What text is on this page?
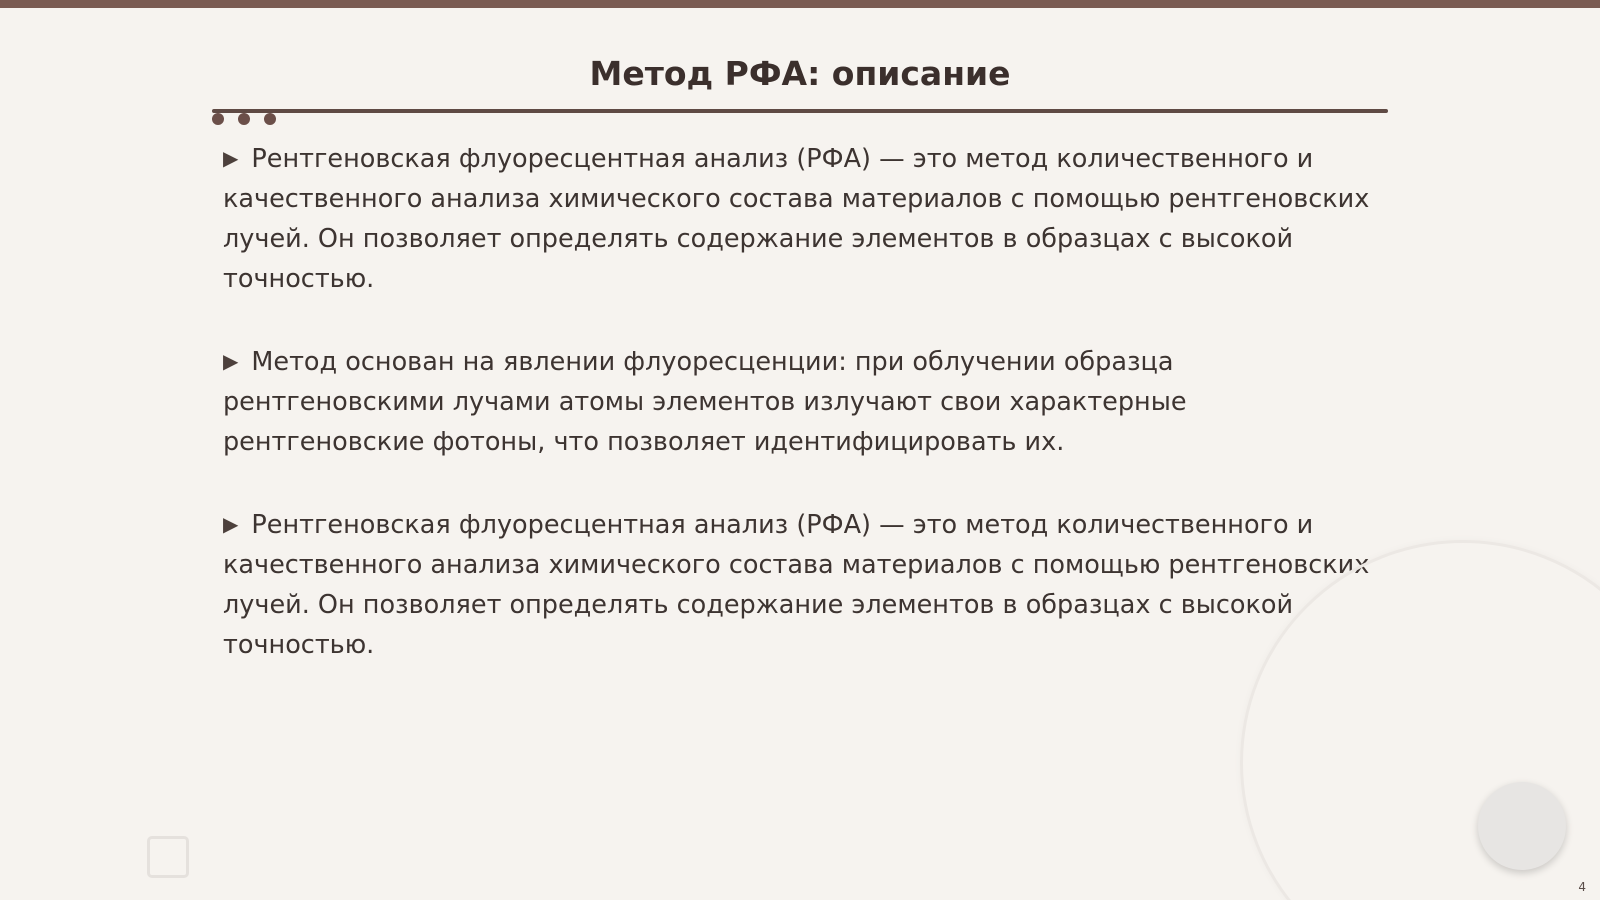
Метод РФА: описание

▶ Рентгеновская флуоресцентная анализ (РФА) — это метод количественного и качественного анализа химического состава материалов с помощью рентгеновских лучей. Он позволяет определять содержание элементов в образцах с высокой точностью.

▶ Метод основан на явлении флуоресценции: при облучении образца рентгеновскими лучами атомы элементов излучают свои характерные рентгеновские фотоны, что позволяет идентифицировать их.

▶ Рентгеновская флуоресцентная анализ (РФА) — это метод количественного и качественного анализа химического состава материалов с помощью рентгеновских лучей. Он позволяет определять содержание элементов в образцах с высокой точностью.

4
